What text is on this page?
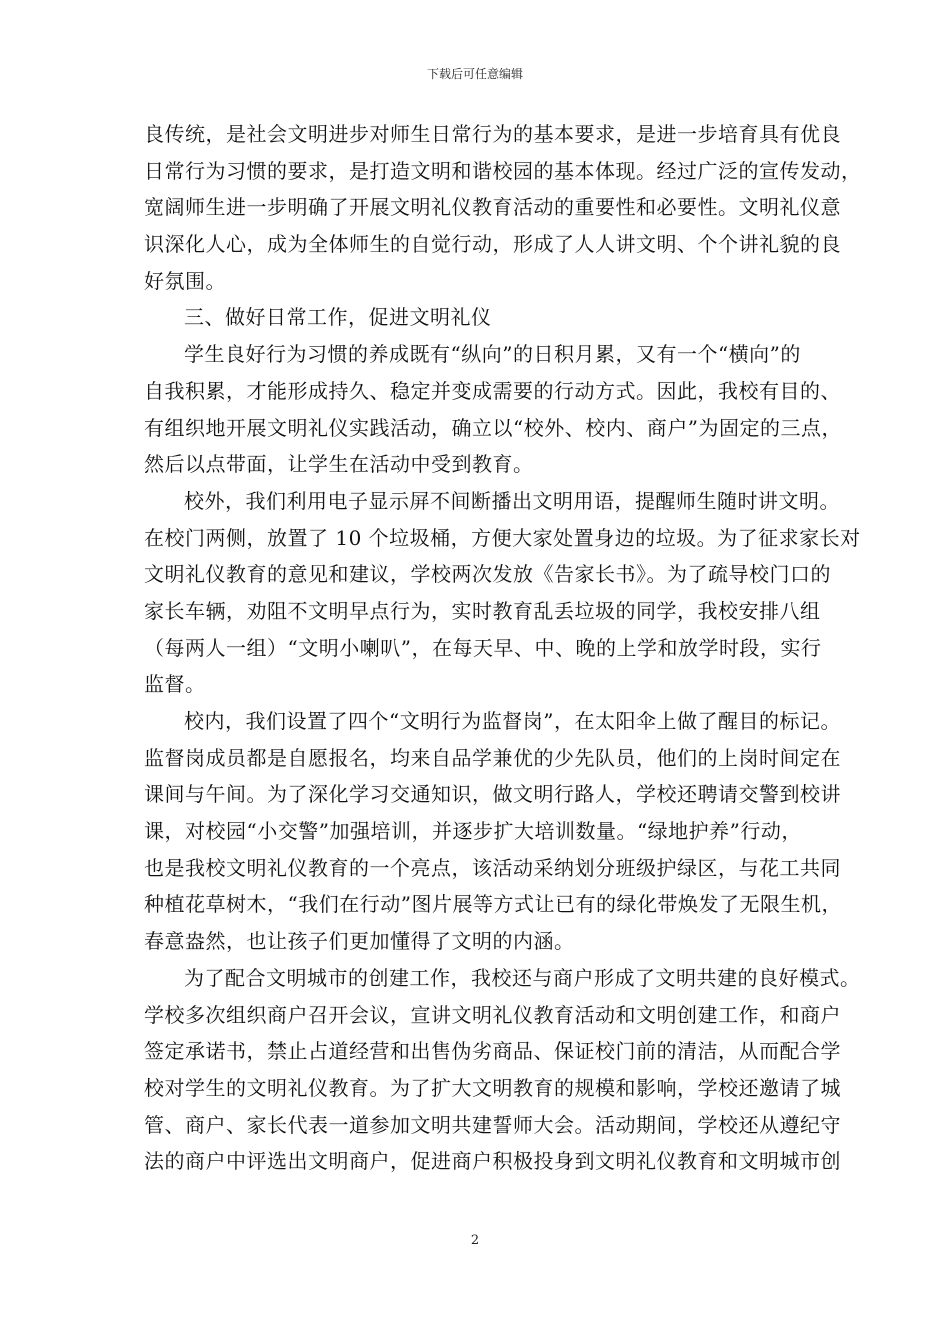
下载后可任意编辑
良传统，是社会文明进步对师生日常行为的基本要求，是进一步培育具有优良
日常行为习惯的要求，是打造文明和谐校园的基本体现。经过广泛的宣传发动，
宽阔师生进一步明确了开展文明礼仪教育活动的重要性和必要性。文明礼仪意
识深化人心，成为全体师生的自觉行动，形成了人人讲文明、个个讲礼貌的良
好氛围。
三、做好日常工作，促进文明礼仪
学生良好行为习惯的养成既有“纵向”的日积月累，又有一个“横向”的
自我积累，才能形成持久、稳定并变成需要的行动方式。因此，我校有目的、
有组织地开展文明礼仪实践活动，确立以“校外、校内、商户”为固定的三点，
然后以点带面，让学生在活动中受到教育。
校外，我们利用电子显示屏不间断播出文明用语，提醒师生随时讲文明。
在校门两侧，放置了 10 个垃圾桶，方便大家处置身边的垃圾。为了征求家长对
文明礼仪教育的意见和建议，学校两次发放《告家长书》。为了疏导校门口的
家长车辆，劝阻不文明早点行为，实时教育乱丢垃圾的同学，我校安排八组
（每两人一组）“文明小喇叭”，在每天早、中、晚的上学和放学时段，实行
监督。
校内，我们设置了四个“文明行为监督岗”，在太阳伞上做了醒目的标记。
监督岗成员都是自愿报名，均来自品学兼优的少先队员，他们的上岗时间定在
课间与午间。为了深化学习交通知识，做文明行路人，学校还聘请交警到校讲
课，对校园“小交警”加强培训，并逐步扩大培训数量。“绿地护养”行动，
也是我校文明礼仪教育的一个亮点，该活动采纳划分班级护绿区，与花工共同
种植花草树木，“我们在行动”图片展等方式让已有的绿化带焕发了无限生机，
春意盎然，也让孩子们更加懂得了文明的内涵。
为了配合文明城市的创建工作，我校还与商户形成了文明共建的良好模式。
学校多次组织商户召开会议，宣讲文明礼仪教育活动和文明创建工作，和商户
签定承诺书，禁止占道经营和出售伪劣商品、保证校门前的清洁，从而配合学
校对学生的文明礼仪教育。为了扩大文明教育的规模和影响，学校还邀请了城
管、商户、家长代表一道参加文明共建誓师大会。活动期间，学校还从遵纪守
法的商户中评选出文明商户，促进商户积极投身到文明礼仪教育和文明城市创
2
